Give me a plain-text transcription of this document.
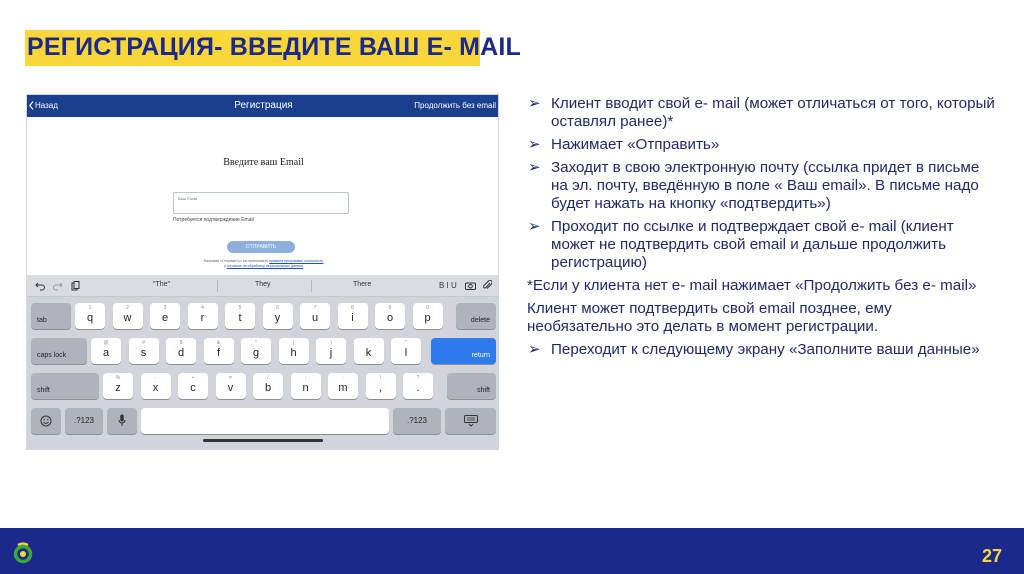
РЕГИСТРАЦИЯ- ВВЕДИТЕ ВАШ E- MAIL
Назад	Регистрация	Продолжить без email
Введите ваш Email
Ваш Email
Потребуется подтверждение Email
ОТПРАВИТЬ
Нажимая «Отправить» вы принимаете правила программы лояльности
и согласие на обработку персональных данных
"The"	They	There	B I U
tab
1
q
2
w
3
e
4
r
5
t
6
y
7
u
8
i
9
o
0
p	delete
caps lock
@
a
#
s
$
d
&
f
*
g
(
h
)
j
'
k
"
l	return
shift
%
z
-
x
+
c
=
v
/
b
;
n
:
m
!
,
?
.	shift
.?123	.?123
➢ Клиент вводит свой e- mail (может отличаться от того, который оставлял ранее)*
➢ Нажимает «Отправить»
➢ Заходит в свою электронную почту (ссылка придет в письме на эл. почту, введённую в поле « Ваш email». В письме надо будет нажать на кнопку «подтвердить»)
➢ Проходит по ссылке и подтверждает свой e- mail (клиент может не подтвердить свой email и дальше продолжить регистрацию)
*Если у клиента нет e- mail нажимает «Продолжить без e- mail»
Клиент может подтвердить свой email позднее, ему необязательно это делать в момент регистрации.
➢ Переходит к следующему экрану «Заполните ваши данные»
27
